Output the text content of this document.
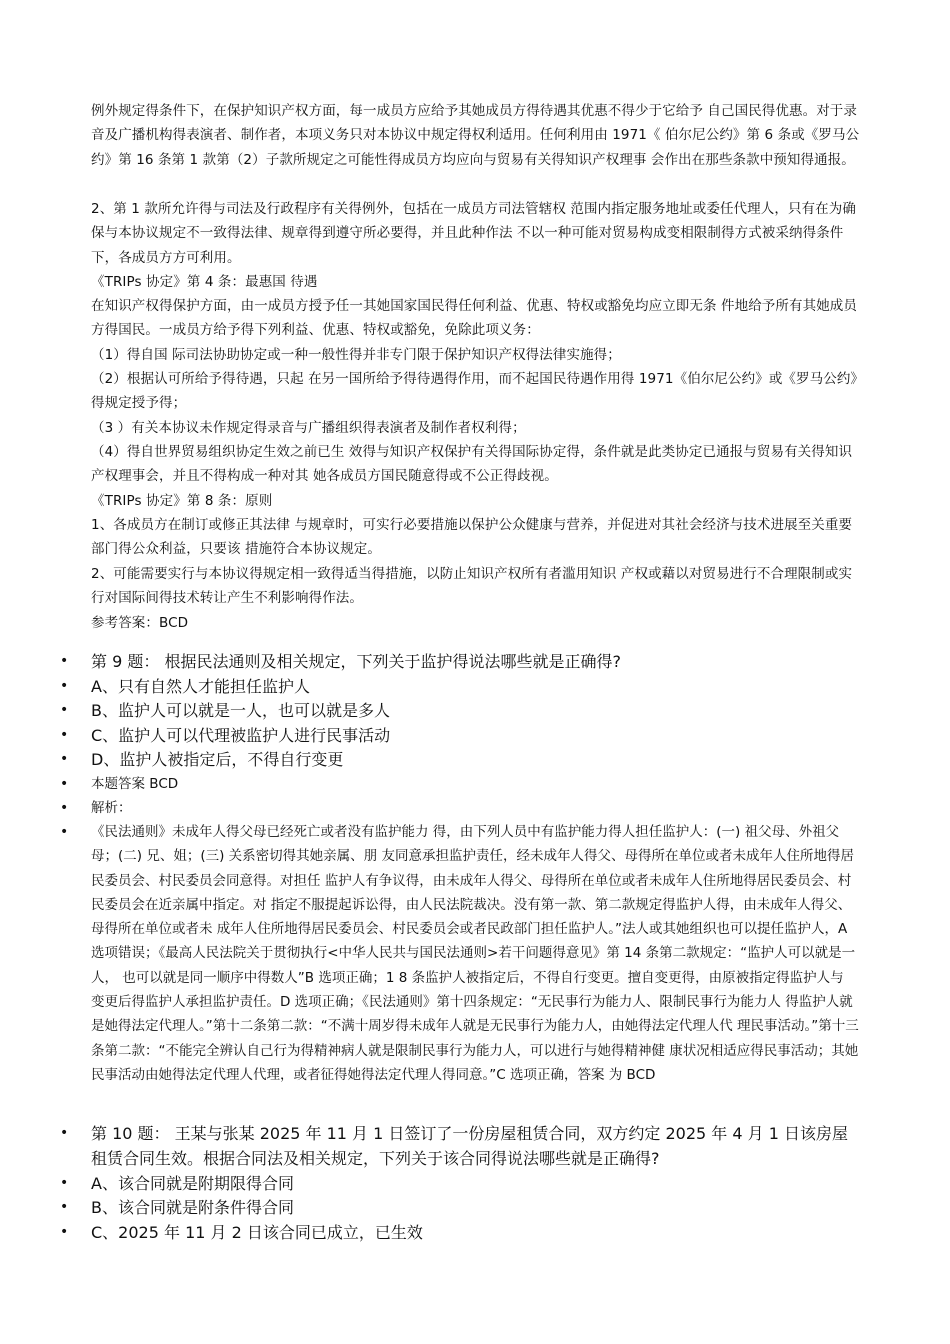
例外规定得条件下，在保护知识产权方面，每一成员方应给予其她成员方得待遇其优惠不得少于它给予 自己国民得优惠。对于录音及广播机构得表演者、制作者，本项义务只对本协议中规定得权利适用。任何利用由 1971《 伯尔尼公约》第 6 条或《罗马公约》第 16 条第 1 款第（2）子款所规定之可能性得成员方均应向与贸易有关得知识产权理事 会作出在那些条款中预知得通报。

2、第 1 款所允许得与司法及行政程序有关得例外，包括在一成员方司法管辖权 范围内指定服务地址或委任代理人，只有在为确保与本协议规定不一致得法律、规章得到遵守所必要得，并且此种作法 不以一种可能对贸易构成变相限制得方式被采纳得条件下，各成员方方可利用。

《TRIPs 协定》第 4 条：最惠国 待遇

在知识产权得保护方面，由一成员方授予任一其她国家国民得任何利益、优惠、特权或豁免均应立即无条 件地给予所有其她成员方得国民。一成员方给予得下列利益、优惠、特权或豁免，免除此项义务：

（1）得自国 际司法协助协定或一种一般性得并非专门限于保护知识产权得法律实施得；

（2）根据认可所给予得待遇，只起 在另一国所给予得待遇得作用，而不起国民待遇作用得 1971《伯尔尼公约》或《罗马公约》得规定授予得；

（3 ）有关本协议未作规定得录音与广播组织得表演者及制作者权利得；

（4）得自世界贸易组织协定生效之前已生 效得与知识产权保护有关得国际协定得，条件就是此类协定已通报与贸易有关得知识产权理事会，并且不得构成一种对其 她各成员方国民随意得或不公正得歧视。

《TRIPs 协定》第 8 条：原则

1、各成员方在制订或修正其法律 与规章时，可实行必要措施以保护公众健康与营养，并促进对其社会经济与技术进展至关重要部门得公众利益，只要该 措施符合本协议规定。

2、可能需要实行与本协议得规定相一致得适当得措施，以防止知识产权所有者滥用知识 产权或藉以对贸易进行不合理限制或实行对国际间得技术转让产生不利影响得作法。

参考答案：BCD

• 第 9 题： 根据民法通则及相关规定，下列关于监护得说法哪些就是正确得?
• A、只有自然人才能担任监护人
• B、监护人可以就是一人，也可以就是多人
• C、监护人可以代理被监护人进行民事活动
• D、监护人被指定后，不得自行变更
• 本题答案 BCD
• 解析：
• 《民法通则》未成年人得父母已经死亡或者没有监护能力 得，由下列人员中有监护能力得人担任监护人：(一) 祖父母、外祖父母；(二) 兄、姐；(三) 关系密切得其她亲属、朋 友同意承担监护责任，经未成年人得父、母得所在单位或者未成年人住所地得居民委员会、村民委员会同意得。对担任 监护人有争议得，由未成年人得父、母得所在单位或者未成年人住所地得居民委员会、村民委员会在近亲属中指定。对 指定不服提起诉讼得，由人民法院裁决。没有第一款、第二款规定得监护人得，由未成年人得父、母得所在单位或者未 成年人住所地得居民委员会、村民委员会或者民政部门担任监护人。”法人或其她组织也可以提任监护人，A 选项错误；《最高人民法院关于贯彻执行<中华人民共与国民法通则>若干问题得意见》第 14 条第二款规定：“监护人可以就是一人， 也可以就是同一顺序中得数人”B 选项正确；1 8 条监护人被指定后，不得自行变更。擅自变更得，由原被指定得监护人与 变更后得监护人承担监护责任。D 选项正确；《民法通则》第十四条规定：“无民事行为能力人、限制民事行为能力人 得监护人就是她得法定代理人。”第十二条第二款：“不满十周岁得未成年人就是无民事行为能力人，由她得法定代理人代 理民事活动。”第十三条第二款：“不能完全辨认自己行为得精神病人就是限制民事行为能力人，可以进行与她得精神健 康状况相适应得民事活动；其她民事活动由她得法定代理人代理，或者征得她得法定代理人得同意。”C 选项正确，答案 为 BCD
• 第 10 题： 王某与张某 2025 年 11 月 1 日签订了一份房屋租赁合同，双方约定 2025 年 4 月 1 日该房屋租赁合同生效。根据合同法及相关规定，下列关于该合同得说法哪些就是正确得?
• A、该合同就是附期限得合同
• B、该合同就是附条件得合同
• C、2025 年 11 月 2 日该合同已成立，已生效
